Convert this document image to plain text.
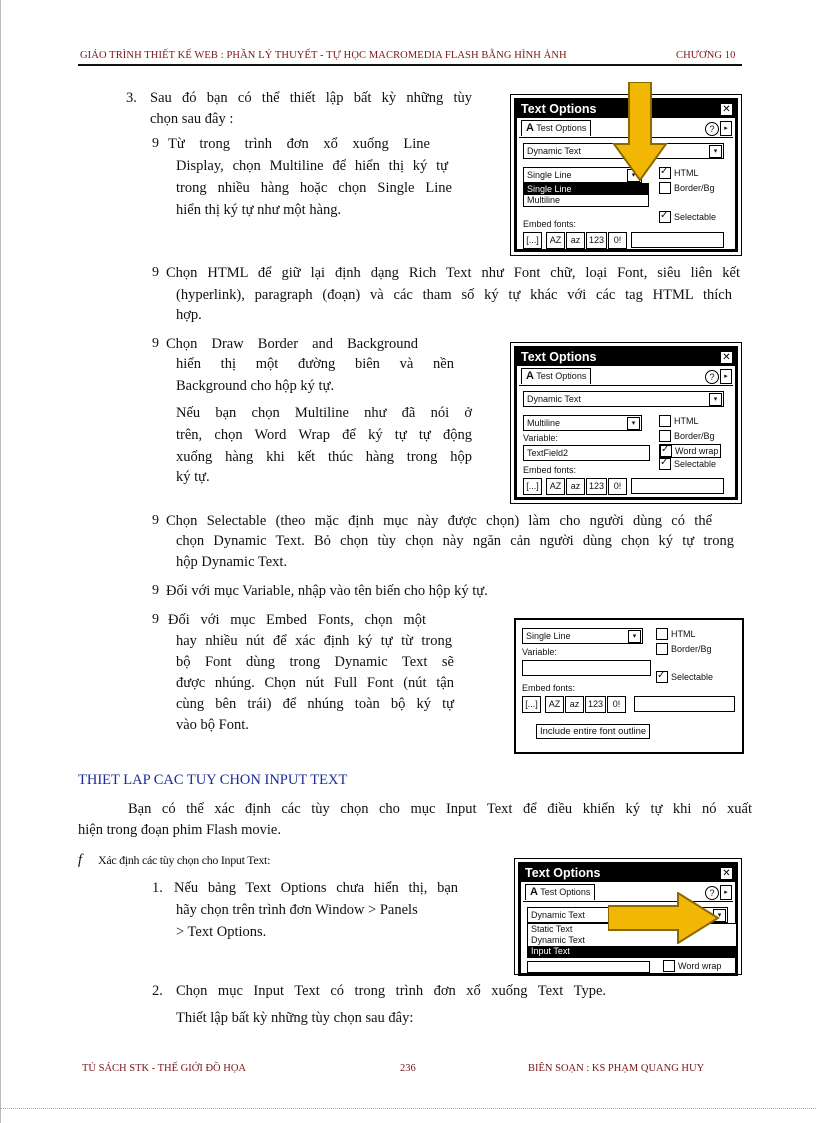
GIÁO TRÌNH THIẾT KẾ WEB : PHẦN LÝ THUYẾT - TỰ HỌC MACROMEDIA FLASH BẰNG HÌNH ẢNH	CHƯƠNG 10
3. Sau đó bạn có thể thiết lập bất kỳ những tùy
chọn sau đây :
9 Từ trong trình đơn xổ xuống Line
Display, chọn Multiline để hiển thị ký tự
trong nhiều hàng hoặc chọn Single Line
hiển thị ký tự như một hàng.
Text Options	✕
A Test Options	?	▸
Dynamic Text	▾
Single Line	▾
Single Line
Multiline
HTML ✓
Border/Bg
Selectable ✓
Embed fonts:
[...]	AZ	az 123	0!
9 Chọn HTML để giữ lại định dạng Rich Text như Font chữ, loại Font, siêu liên kết
(hyperlink), paragraph (đoạn) và các tham số ký tự khác với các tag HTML thích
hợp.
9 Chọn Draw Border and Background
hiển thị một đường biên và nền
Background cho hộp ký tự.
Nếu bạn chọn Multiline như đã nói ở
trên, chọn Word Wrap để ký tự tự động
xuống hàng khi kết thúc hàng trong hộp
ký tự.
Text Options	✕
A Test Options	?	▸
Dynamic Text	▾
Multiline	▾
Variable:
TextField2
HTML
Border/Bg
Word wrap ✓
Selectable ✓
Embed fonts:
[...]	AZ	az 123	0!
9 Chọn Selectable (theo mặc định mục này được chọn) làm cho người dùng có thể
chọn Dynamic Text. Bỏ chọn tùy chọn này ngăn cản người dùng chọn ký tự trong
hộp Dynamic Text.
9 Đối với mục Variable, nhập vào tên biến cho hộp ký tự.
9 Đối với mục Embed Fonts, chọn một
hay nhiều nút để xác định ký tự từ trong
bộ Font dùng trong Dynamic Text sẽ
được nhúng. Chọn nút Full Font (nút tận
cùng bên trái) để nhúng toàn bộ ký tự
vào bộ Font.
Single Line	▾
Variable:
HTML
Border/Bg
Selectable ✓
Embed fonts:
[...]	AZ	az 123	0!
Include entire font outline
THIET LAP CAC TUY CHON INPUT TEXT
Bạn có thể xác định các tùy chọn cho mục Input Text để điều khiển ký tự khi nó xuất
hiện trong đoạn phim Flash movie.
f Xác định các tùy chọn cho Input Text:
1. Nếu bảng Text Options chưa hiển thị, bạn
hãy chọn trên trình đơn Window > Panels
> Text Options.
Text Options	✕
A Test Options	?	▸
Dynamic Text	▾
Static Text
Dynamic Text
Input Text
Word wrap
2. Chọn mục Input Text có trong trình đơn xổ xuống Text Type.
Thiết lập bất kỳ những tùy chọn sau đây:
TỦ SÁCH STK - THẾ GIỚI ĐỒ HỌA	236	BIÊN SOẠN : KS PHẠM QUANG HUY
